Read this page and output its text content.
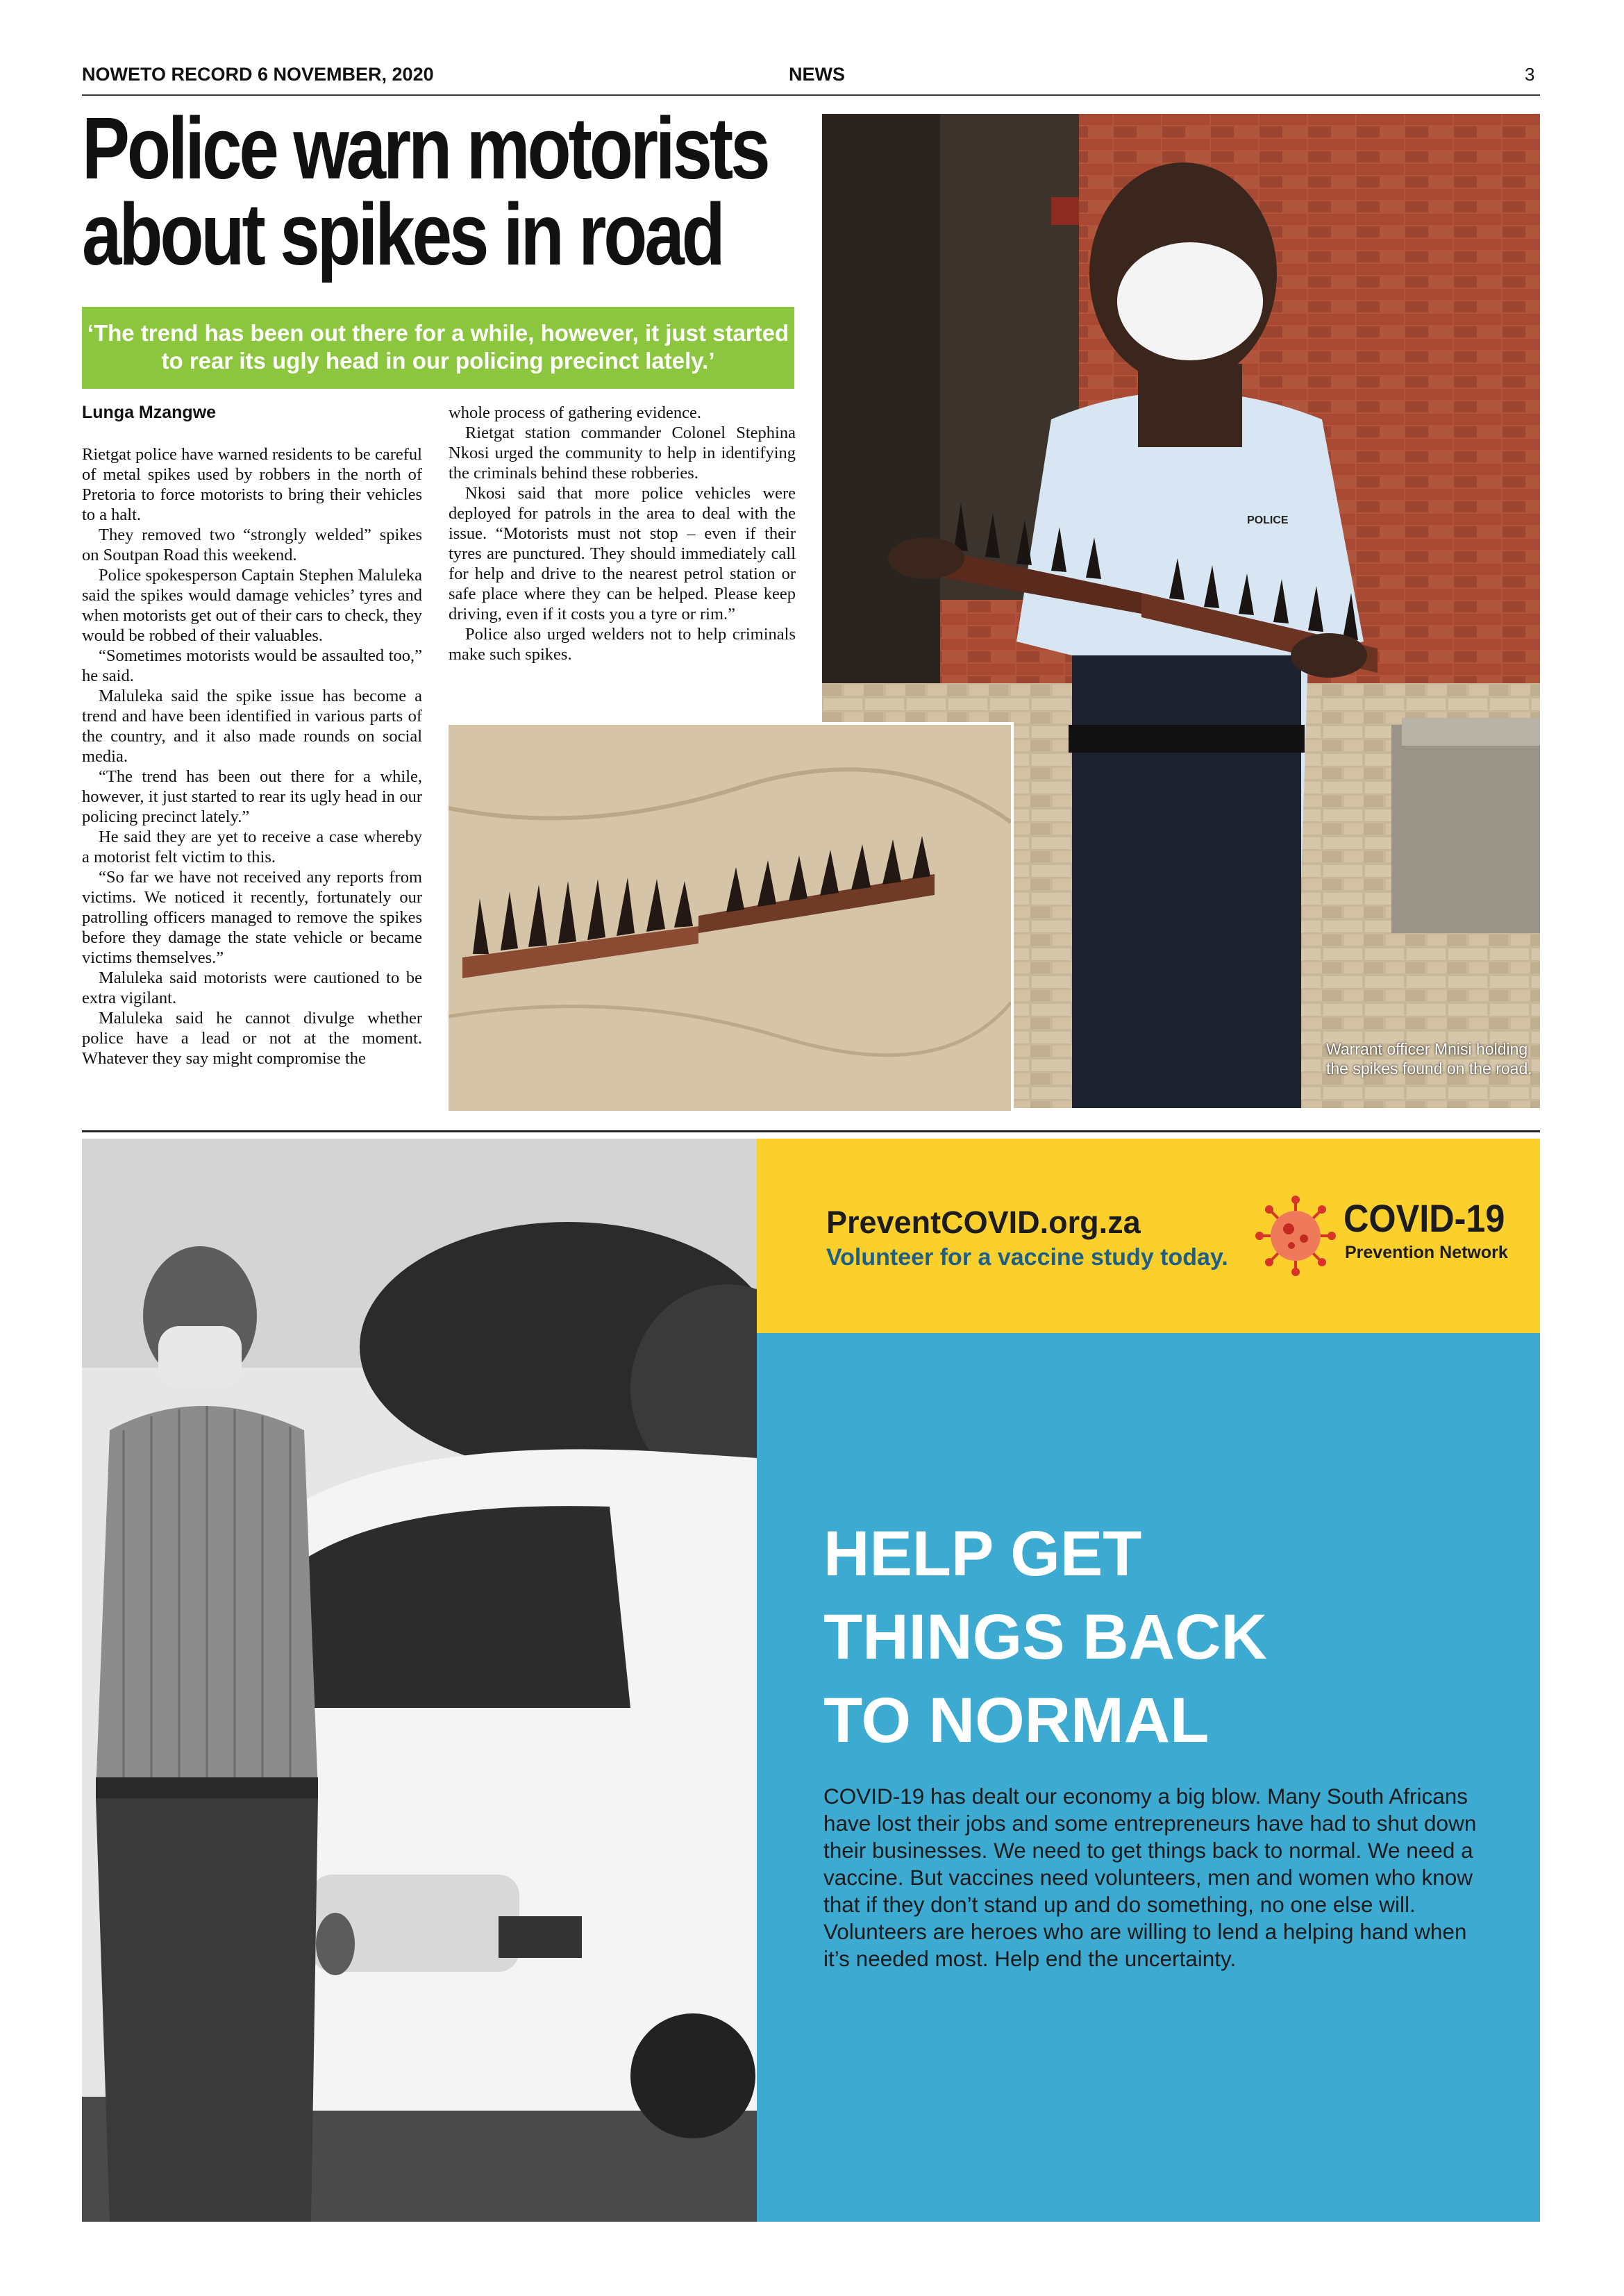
NOWETO RECORD 6 NOVEMBER, 2020	NEWS	3
Police warn motorists
about spikes in road
‘The trend has been out there for a while, however, it just started to rear its ugly head in our policing precinct lately.’
Lunga Mzangwe

Rietgat police have warned residents to be careful of metal spikes used by robbers in the north of Pretoria to force motorists to bring their vehicles to a halt.

They removed two “strongly welded” spikes on Soutpan Road this weekend.

Police spokesperson Captain Stephen Maluleka said the spikes would damage vehicles’ tyres and when motorists get out of their cars to check, they would be robbed of their valuables.

“Sometimes motorists would be assaulted too,” he said.

Maluleka said the spike issue has become a trend and have been identified in various parts of the country, and it also made rounds on social media.

“The trend has been out there for a while, however, it just started to rear its ugly head in our policing precinct lately.”

He said they are yet to receive a case whereby a motorist felt victim to this.

“So far we have not received any reports from victims. We noticed it recently, fortunately our patrolling officers managed to remove the spikes before they damage the state vehicle or became victims themselves.”

Maluleka said motorists were cautioned to be extra vigilant.

Maluleka said he cannot divulge whether police have a lead or not at the moment. Whatever they say might compromise the

whole process of gathering evidence.

Rietgat station commander Colonel Stephina Nkosi urged the community to help in identifying the criminals behind these robberies.

Nkosi said that more police vehicles were deployed for patrols in the area to deal with the issue. “Motorists must not stop – even if their tyres are punctured. They should immediately call for help and drive to the nearest petrol station or safe place where they can be helped. Please keep driving, even if it costs you a tyre or rim.”

Police also urged welders not to help criminals make such spikes.

POLICE
Warrant officer Mnisi holding the spikes found on the road.
PreventCOVID.org.za
Volunteer for a vaccine study today.
COVID-19
Prevention Network
HELP GET
THINGS BACK
TO NORMAL
COVID-19 has dealt our economy a big blow. Many South Africans have lost their jobs and some entrepreneurs have had to shut down their businesses. We need to get things back to normal. We need a vaccine. But vaccines need volunteers, men and women who know that if they don’t stand up and do something, no one else will. Volunteers are heroes who are willing to lend a helping hand when it’s needed most. Help end the uncertainty.
